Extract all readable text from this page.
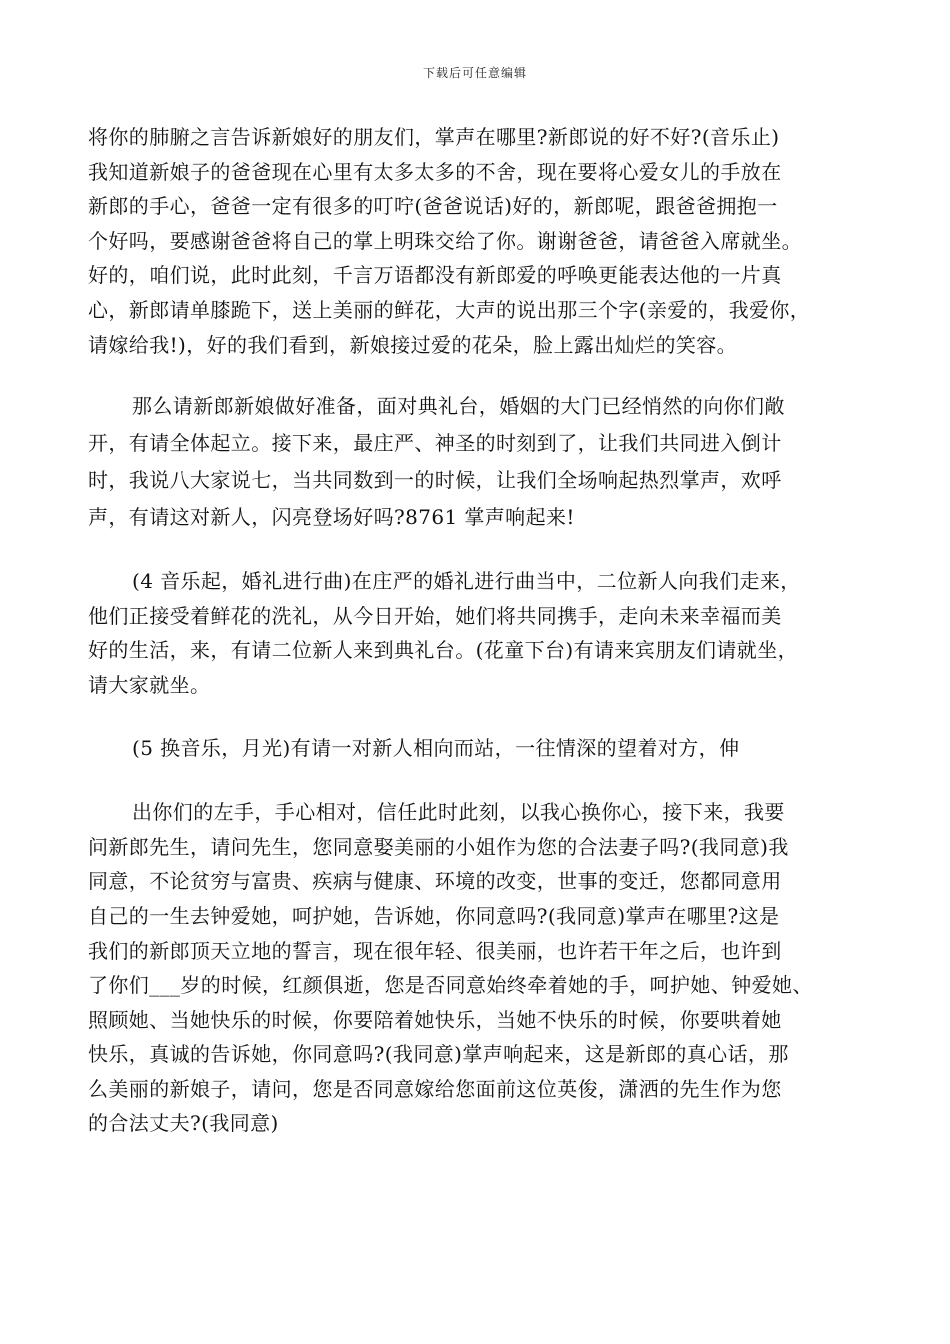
下载后可任意编辑
将你的肺腑之言告诉新娘好的朋友们，掌声在哪里?新郎说的好不好?(音乐止)
我知道新娘子的爸爸现在心里有太多太多的不舍，现在要将心爱女儿的手放在
新郎的手心，爸爸一定有很多的叮咛(爸爸说话)好的，新郎呢，跟爸爸拥抱一
个好吗，要感谢爸爸将自己的掌上明珠交给了你。谢谢爸爸，请爸爸入席就坐。
好的，咱们说，此时此刻，千言万语都没有新郎爱的呼唤更能表达他的一片真
心，新郎请单膝跪下，送上美丽的鲜花，大声的说出那三个字(亲爱的，我爱你，
请嫁给我!)，好的我们看到，新娘接过爱的花朵，脸上露出灿烂的笑容。
那么请新郎新娘做好准备，面对典礼台，婚姻的大门已经悄然的向你们敞
开，有请全体起立。接下来，最庄严、神圣的时刻到了，让我们共同进入倒计
时，我说八大家说七，当共同数到一的时候，让我们全场响起热烈掌声，欢呼
声，有请这对新人，闪亮登场好吗?8761 掌声响起来!
(4 音乐起，婚礼进行曲)在庄严的婚礼进行曲当中，二位新人向我们走来，
他们正接受着鲜花的洗礼，从今日开始，她们将共同携手，走向未来幸福而美
好的生活，来，有请二位新人来到典礼台。(花童下台)有请来宾朋友们请就坐，
请大家就坐。
(5 换音乐，月光)有请一对新人相向而站，一往情深的望着对方，伸
出你们的左手，手心相对，信任此时此刻，以我心换你心，接下来，我要
问新郎先生，请问先生，您同意娶美丽的小姐作为您的合法妻子吗?(我同意)我
同意，不论贫穷与富贵、疾病与健康、环境的改变，世事的变迁，您都同意用
自己的一生去钟爱她，呵护她，告诉她，你同意吗?(我同意)掌声在哪里?这是
我们的新郎顶天立地的誓言，现在很年轻、很美丽，也许若干年之后，也许到
了你们___岁的时候，红颜俱逝，您是否同意始终牵着她的手，呵护她、钟爱她、
照顾她、当她快乐的时候，你要陪着她快乐，当她不快乐的时候，你要哄着她
快乐，真诚的告诉她，你同意吗?(我同意)掌声响起来，这是新郎的真心话，那
么美丽的新娘子，请问，您是否同意嫁给您面前这位英俊，潇洒的先生作为您
的合法丈夫?(我同意)
